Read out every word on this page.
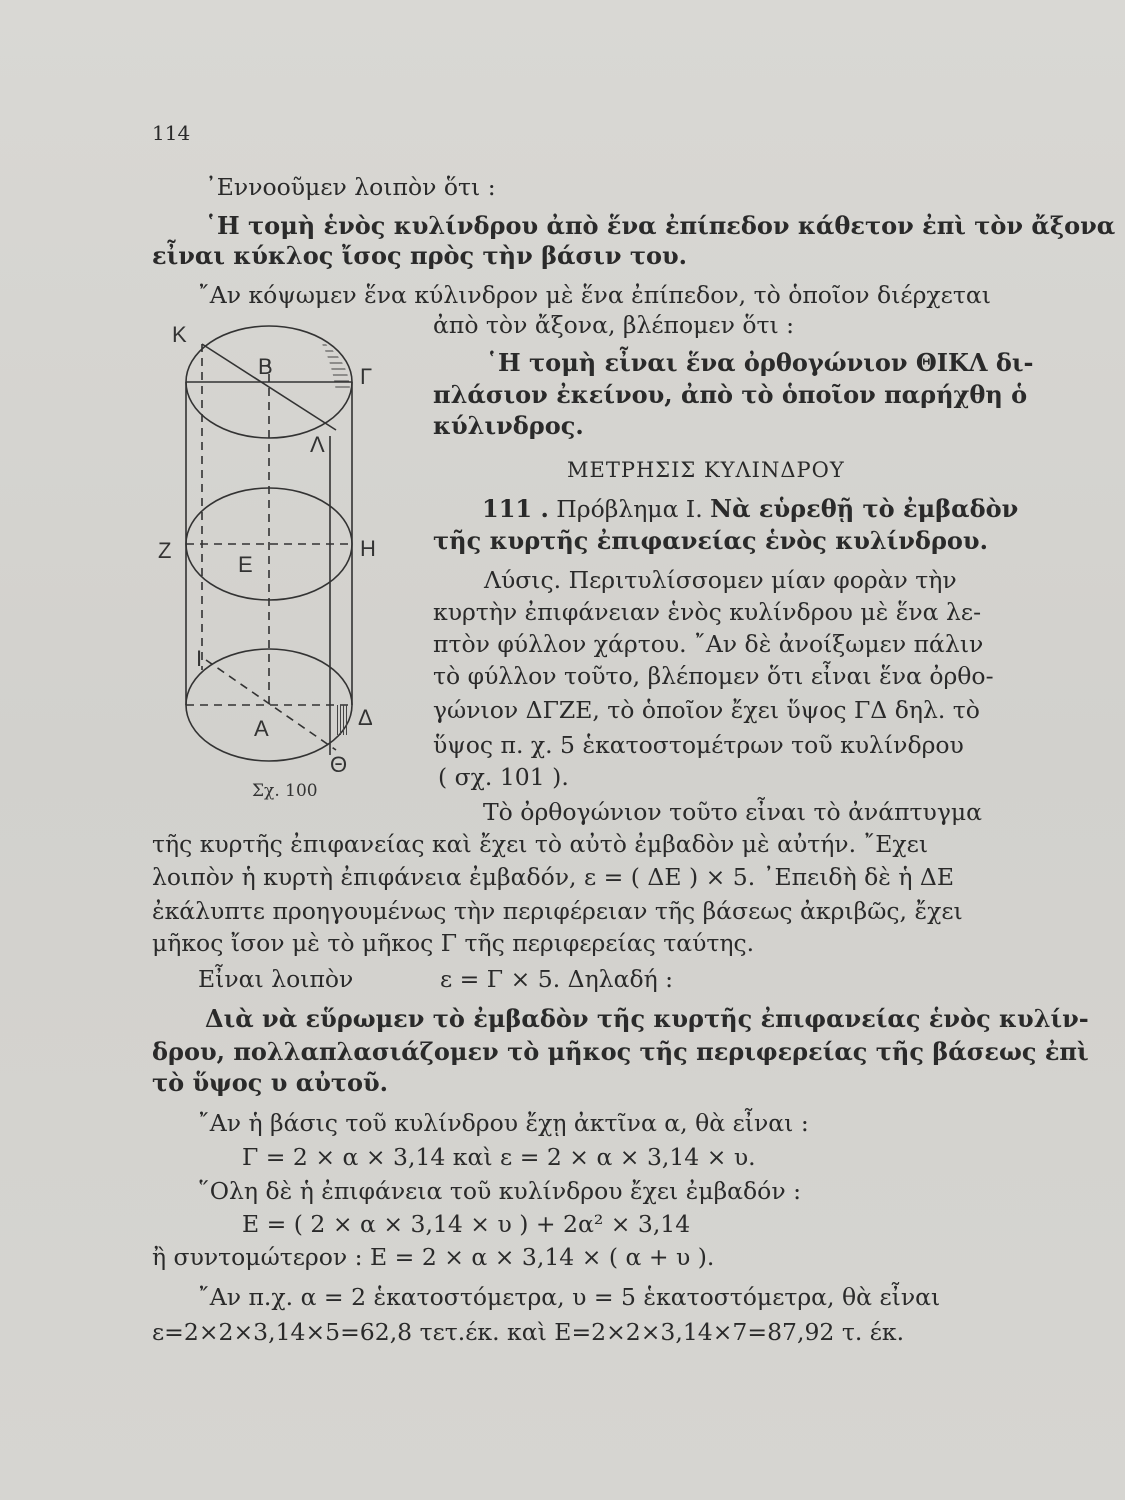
114

᾿Εννοοῦμεν λοιπὸν ὅτι :

῾Η τομὴ ἑνὸς κυλίνδρου ἀπὸ ἕνα ἐπίπεδον κάθετον ἐπὶ τὸν ἄξονα

εἶναι κύκλος ἴσος πρὸς τὴν βάσιν του.

῎Αν κόψωμεν ἕνα κύλινδρον μὲ ἕνα ἐπίπεδον, τὸ ὁποῖον διέρχεται

ἀπὸ τὸν ἄξονα, βλέπομεν ὅτι :

῾Η τομὴ εἶναι ἕνα ὀρθογώνιον ΘΙΚΛ δι-

πλάσιον ἐκείνου, ἀπὸ τὸ ὁποῖον παρήχθη ὁ

κύλινδρος.

ΜΕΤΡΗΣΙΣ ΚΥΛΙΝΔΡΟΥ

111 . Πρόβλημα Ι. Νὰ εὑρεθῇ τὸ ἐμβαδὸν

τῆς κυρτῆς ἐπιφανείας ἑνὸς κυλίνδρου.

Λύσις. Περιτυλίσσομεν μίαν φορὰν τὴν

κυρτὴν ἐπιφάνειαν ἑνὸς κυλίνδρου μὲ ἕνα λε-

πτὸν φύλλον χάρτου. ῎Αν δὲ ἀνοίξωμεν πάλιν

τὸ φύλλον τοῦτο, βλέπομεν ὅτι εἶναι ἕνα ὀρθο-

γώνιον ΔΓΖΕ, τὸ ὁποῖον ἔχει ὕψος ΓΔ δηλ. τὸ

ὕψος π. χ. 5 ἑκατοστομέτρων τοῦ κυλίνδρου

( σχ. 101 ).

Τὸ ὀρθογώνιον τοῦτο εἶναι τὸ ἀνάπτυγμα

τῆς κυρτῆς ἐπιφανείας καὶ ἔχει τὸ αὐτὸ ἐμβαδὸν μὲ αὐτήν. ῎Εχει

λοιπὸν ἡ κυρτὴ ἐπιφάνεια ἐμβαδόν, ε = ( ΔΕ ) × 5. ᾿Επειδὴ δὲ ἡ ΔΕ

ἐκάλυπτε προηγουμένως τὴν περιφέρειαν τῆς βάσεως ἀκριβῶς, ἔχει

μῆκος ἴσον μὲ τὸ μῆκος Γ τῆς περιφερείας ταύτης.

Εἶναι λοιπὸν	ε = Γ × 5. Δηλαδή :

Διὰ νὰ εὕρωμεν τὸ ἐμβαδὸν τῆς κυρτῆς ἐπιφανείας ἑνὸς κυλίν-

δρου, πολλαπλασιάζομεν τὸ μῆκος τῆς περιφερείας τῆς βάσεως ἐπὶ

τὸ ὕψος υ αὐτοῦ.

῎Αν ἡ βάσις τοῦ κυλίνδρου ἔχῃ ἀκτῖνα α, θὰ εἶναι :

Γ = 2 × α × 3,14 καὶ ε = 2 × α × 3,14 × υ.

῞Ολη δὲ ἡ ἐπιφάνεια τοῦ κυλίνδρου ἔχει ἐμβαδόν :

Ε = ( 2 × α × 3,14 × υ ) + 2α² × 3,14

ἢ συντομώτερον : Ε = 2 × α × 3,14 × ( α + υ ).

῎Αν π.χ. α = 2 ἑκατοστόμετρα, υ = 5 ἑκατοστόμετρα, θὰ εἶναι

ε=2×2×3,14×5=62,8 τετ.έκ. καὶ Ε=2×2×3,14×7=87,92 τ. έκ.

Κ
Β	Γ
Λ
Ζ
Ε
Η
Ι
Α	Δ
Θ
Σχ. 100
